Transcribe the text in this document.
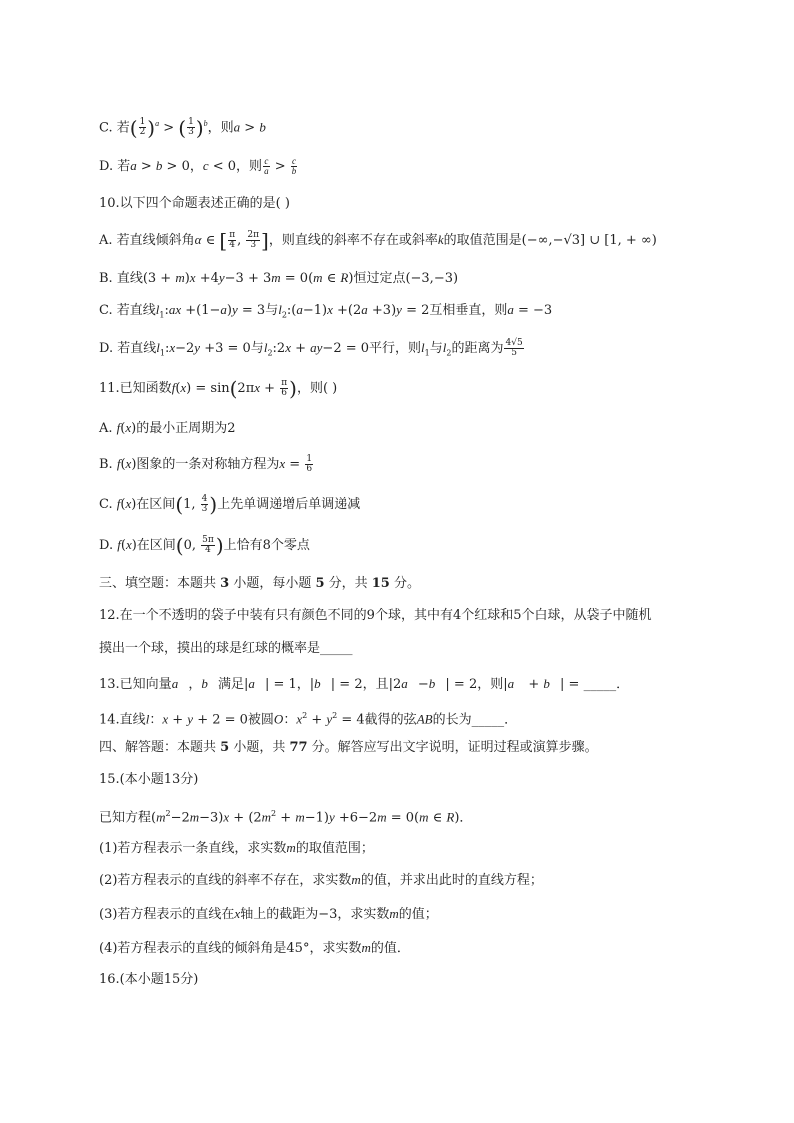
C. 若( $\frac{1}{2} )^a$ > ( $\frac{1}{3} )^b$，则a > b
D. 若a > b > 0，c < 0，则 $\frac{c}{a} > \frac{c}{b}$
10.以下四个命题表述正确的是( )
A. 若直线倾斜角α ∈ [ $\frac{\pi}{4}$ , $\frac{2\pi}{3}$ ]，则直线的斜率不存在或斜率k的取值范围是(−∞,−√3] ∪ [1, + ∞)
B. 直线(3 + m)x +4y−3 + 3m = 0(m ∈ R)恒过定点(−3,−3)
C. 若直线$l_1:ax +(1-a)y = 3$与$l_2:(a-1)x +(2a +3)y = 2$互相垂直，则a = −3
D. 若直线$l_1:x-2y +3 = 0$与$l_2:2x + ay-2 = 0$平行，则$l_1$与$l_2$的距离为 $\frac{4√5}{5}$
11.已知函数$f(x) = \sin(2\pi x + \frac{\pi}{6}$ )，则( )
A. f(x)的最小正周期为2
B. f(x)图象的一条对称轴方程为$x = \frac{1}{6}$
C. f(x)在区间(1, $\frac{4}{3}$ )上先单调递增后单调递减
D. f(x)在区间(0, $\frac{5\pi}{4}$ )上恰有8个零点
三、填空题：本题共 3 小题，每小题 5 分，共 15 分。
12.在一个不透明的袋子中装有只有颜色不同的9个球，其中有4个红球和5个白球，从袋子中随机
摸出一个球，摸出的球是红球的概率是_____
13.已知向量a⃗，b⃗满足|a⃗| = 1，|b⃗| = 2，且|2a⃗−b⃗| = 2，则|a⃗ + b⃗| = _____．
14.直线l：x + y + 2 = 0被圆O：$x^2 + y^2 = 4$截得的弦AB的长为_____．
四、解答题：本题共 5 小题，共 77 分。解答应写出文字说明，证明过程或演算步骤。
15.(本小题13分)
已知方程$(m^2-2m-3)x + (2m^2 + m-1)y +6-2m = 0(m$ ∈ R)．
(1)若方程表示一条直线，求实数m的取值范围；
(2)若方程表示的直线的斜率不存在，求实数m的值，并求出此时的直线方程；
(3)若方程表示的直线在x轴上的截距为−3，求实数m的值；
(4)若方程表示的直线的倾斜角是45°，求实数m的值．
16.(本小题15分)
